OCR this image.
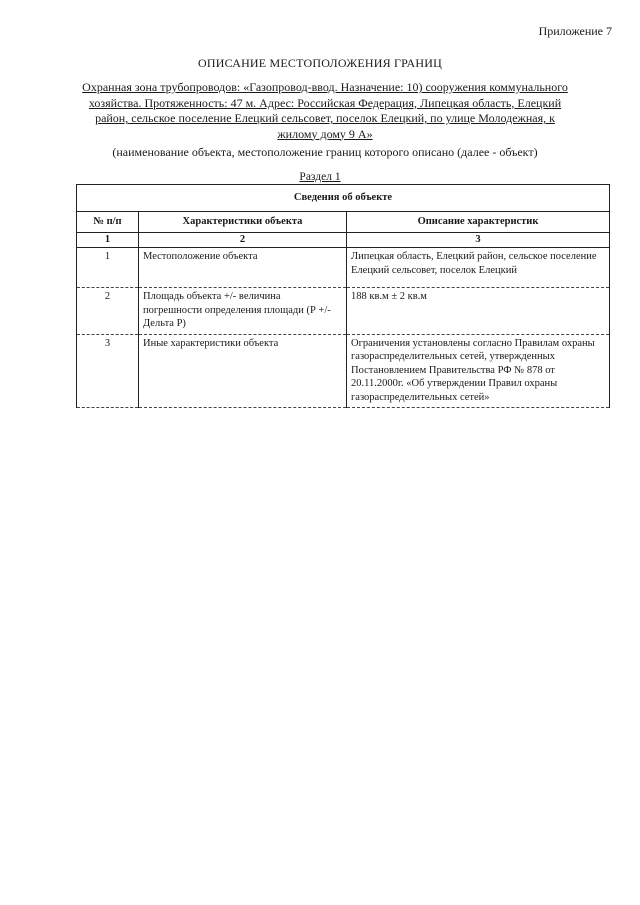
Приложение 7
ОПИСАНИЕ МЕСТОПОЛОЖЕНИЯ ГРАНИЦ
Охранная зона трубопроводов: «Газопровод-ввод. Назначение: 10) сооружения коммунального хозяйства. Протяженность: 47 м. Адрес: Российская Федерация, Липецкая область, Елецкий район, сельское поселение Елецкий сельсовет, поселок Елецкий, по улице Молодежная, к жилому дому 9 А»
(наименование объекта, местоположение границ которого описано (далее - объект)
Раздел 1
Сведения об объекте		
№ п/п	Характеристики объекта	Описание характеристик
1	2	3
1	Местоположение объекта	Липецкая область, Елецкий район, сельское поселение Елецкий сельсовет, поселок Елецкий
2	Площадь объекта +/- величина погрешности определения площади (Р +/- Дельта Р)	188 кв.м ± 2 кв.м
3	Иные характеристики объекта	Ограничения установлены согласно Правилам охраны газораспределительных сетей, утвержденных Постановлением Правительства РФ № 878 от 20.11.2000г. «Об утверждении Правил охраны газораспределительных сетей»
